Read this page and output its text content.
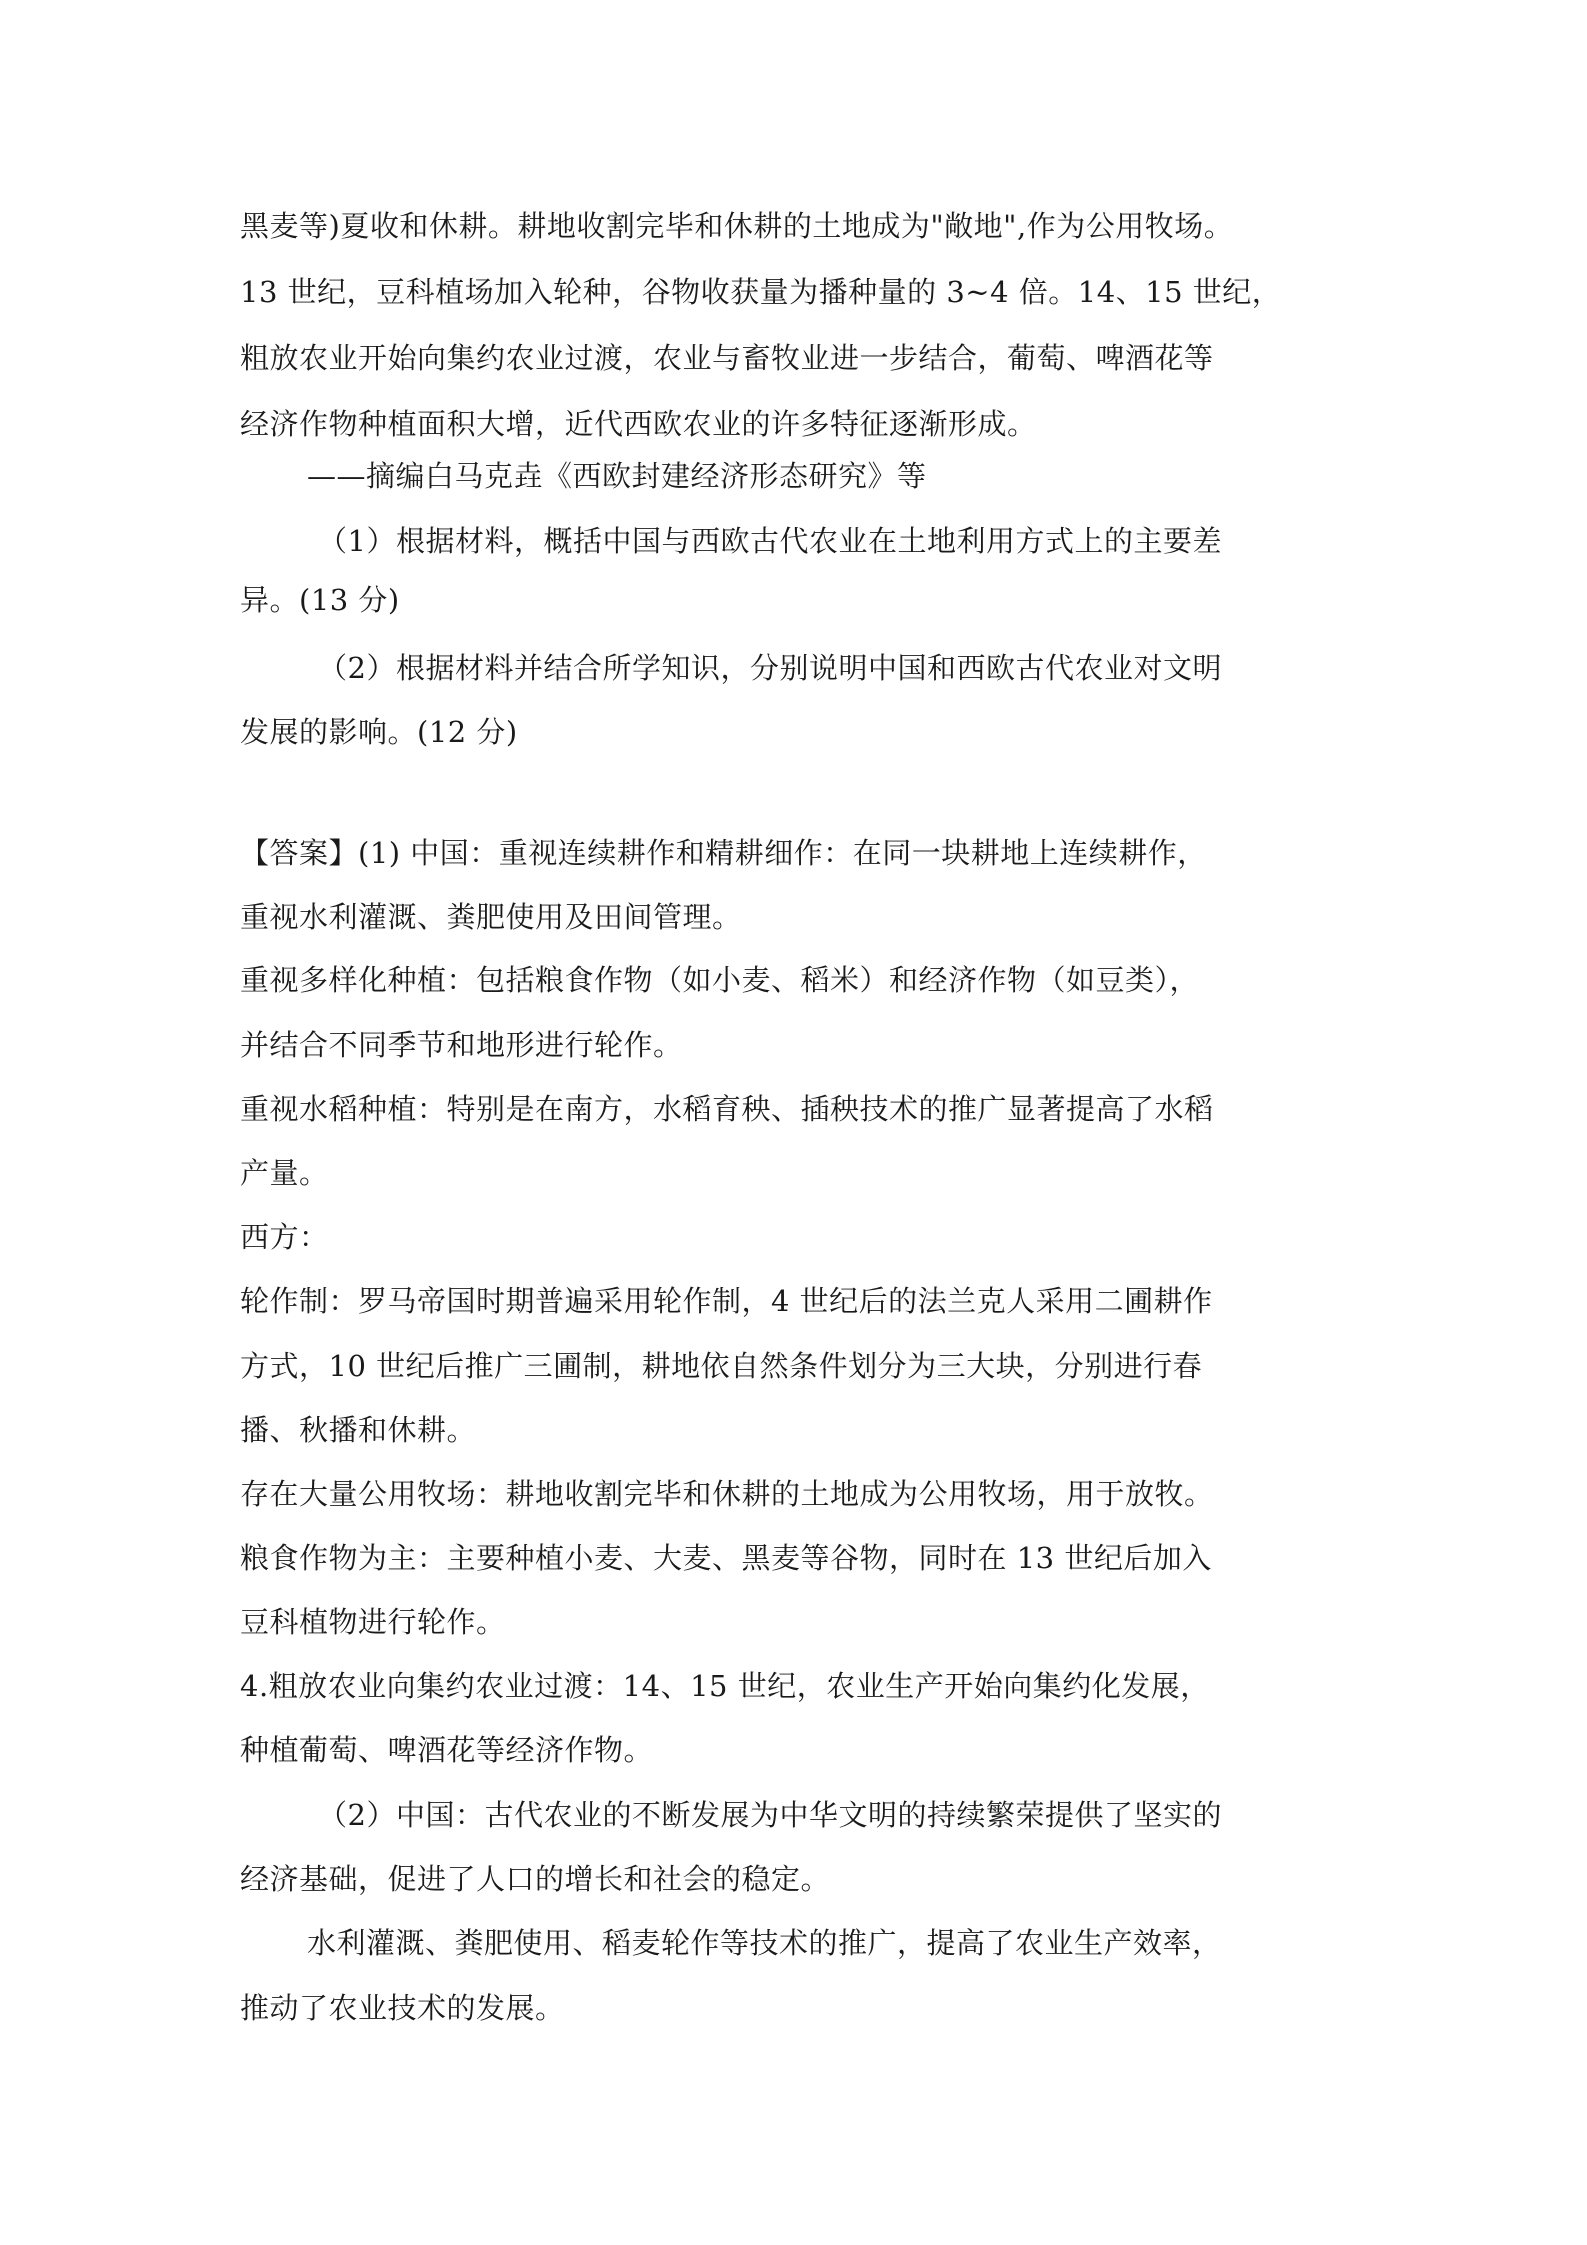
黑麦等)夏收和休耕。耕地收割完毕和休耕的土地成为"敞地",作为公用牧场。
13 世纪，豆科植场加入轮种，谷物收获量为播种量的 3~4 倍。14、15 世纪，
粗放农业开始向集约农业过渡，农业与畜牧业进一步结合，葡萄、啤酒花等
经济作物种植面积大增，近代西欧农业的许多特征逐渐形成。
——摘编白马克垚《西欧封建经济形态研究》等
（1）根据材料，概括中国与西欧古代农业在土地利用方式上的主要差
异。(13 分)
（2）根据材料并结合所学知识，分别说明中国和西欧古代农业对文明
发展的影响。(12 分)
【答案】(1) 中国：重视连续耕作和精耕细作：在同一块耕地上连续耕作，
重视水利灌溉、粪肥使用及田间管理。
重视多样化种植：包括粮食作物（如小麦、稻米）和经济作物（如豆类），
并结合不同季节和地形进行轮作。
重视水稻种植：特别是在南方，水稻育秧、插秧技术的推广显著提高了水稻
产量。
西方：
轮作制：罗马帝国时期普遍采用轮作制，4 世纪后的法兰克人采用二圃耕作
方式，10 世纪后推广三圃制，耕地依自然条件划分为三大块，分别进行春
播、秋播和休耕。
存在大量公用牧场：耕地收割完毕和休耕的土地成为公用牧场，用于放牧。
粮食作物为主：主要种植小麦、大麦、黑麦等谷物，同时在 13 世纪后加入
豆科植物进行轮作。
4.粗放农业向集约农业过渡：14、15 世纪，农业生产开始向集约化发展，
种植葡萄、啤酒花等经济作物。
（2）中国：古代农业的不断发展为中华文明的持续繁荣提供了坚实的
经济基础，促进了人口的增长和社会的稳定。
水利灌溉、粪肥使用、稻麦轮作等技术的推广，提高了农业生产效率，
推动了农业技术的发展。
